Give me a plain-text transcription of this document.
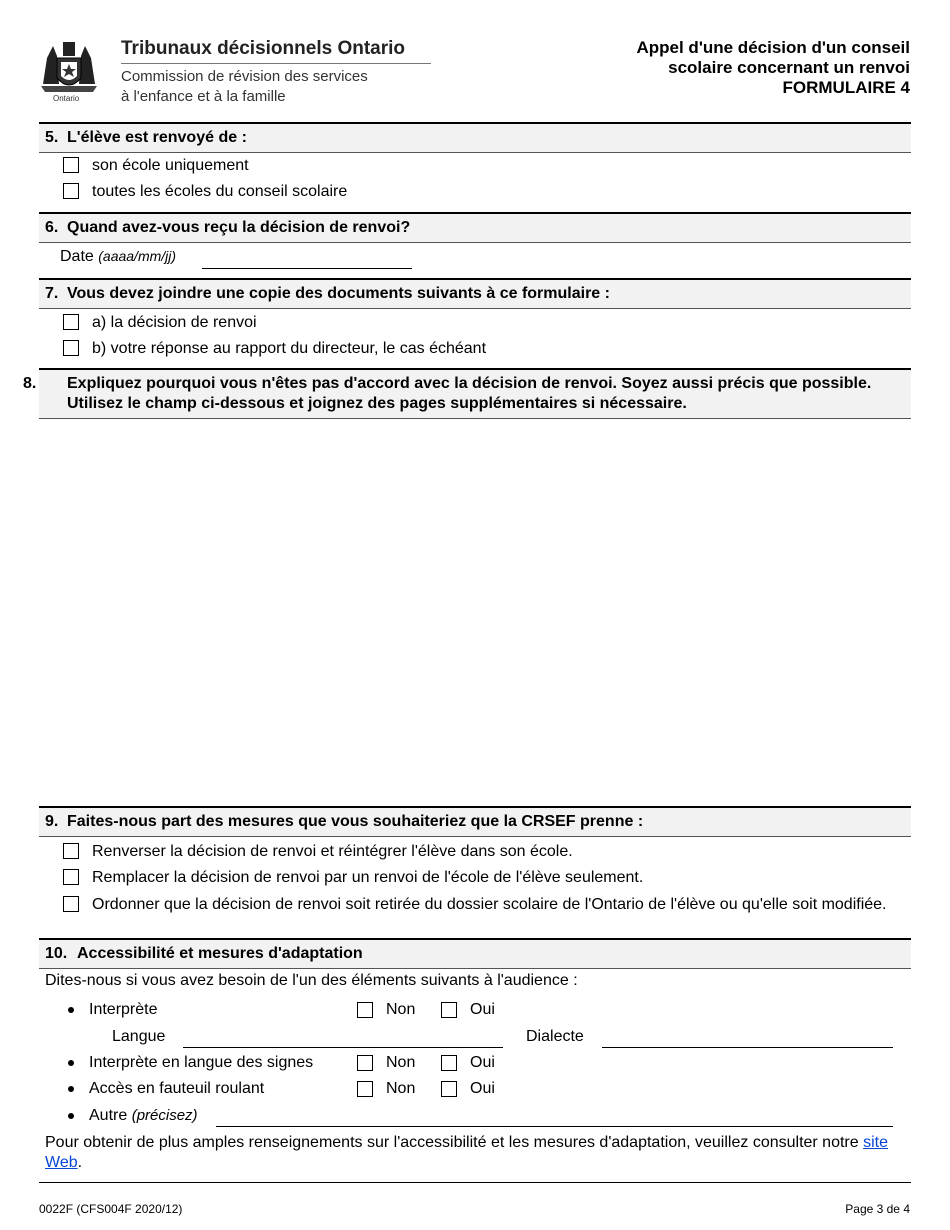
Ontario
Tribunaux décisionnels Ontario
Commission de révision des services
à l'enfance et à la famille
Appel d'une décision d'un conseil
scolaire concernant un renvoi
FORMULAIRE 4
5. L'élève est renvoyé de :
son école uniquement
toutes les écoles du conseil scolaire
6. Quand avez-vous reçu la décision de renvoi?
Date (aaaa/mm/jj)
7. Vous devez joindre une copie des documents suivants à ce formulaire :
a) la décision de renvoi
b) votre réponse au rapport du directeur, le cas échéant
8. Expliquez pourquoi vous n'êtes pas d'accord avec la décision de renvoi. Soyez aussi précis que possible. Utilisez le champ ci-dessous et joignez des pages supplémentaires si nécessaire.
9. Faites-nous part des mesures que vous souhaiteriez que la CRSEF prenne :
Renverser la décision de renvoi et réintégrer l'élève dans son école.
Remplacer la décision de renvoi par un renvoi de l'école de l'élève seulement.
Ordonner que la décision de renvoi soit retirée du dossier scolaire de l'Ontario de l'élève ou qu'elle soit modifiée.
10. Accessibilité et mesures d'adaptation
Dites-nous si vous avez besoin de l'un des éléments suivants à l'audience :
Interprète	Non	Oui
Langue	Dialecte
Interprète en langue des signes	Non	Oui
Accès en fauteuil roulant	Non	Oui
Autre (précisez)
Pour obtenir de plus amples renseignements sur l'accessibilité et les mesures d'adaptation, veuillez consulter notre site Web.
0022F (CFS004F 2020/12)	Page 3 de 4
